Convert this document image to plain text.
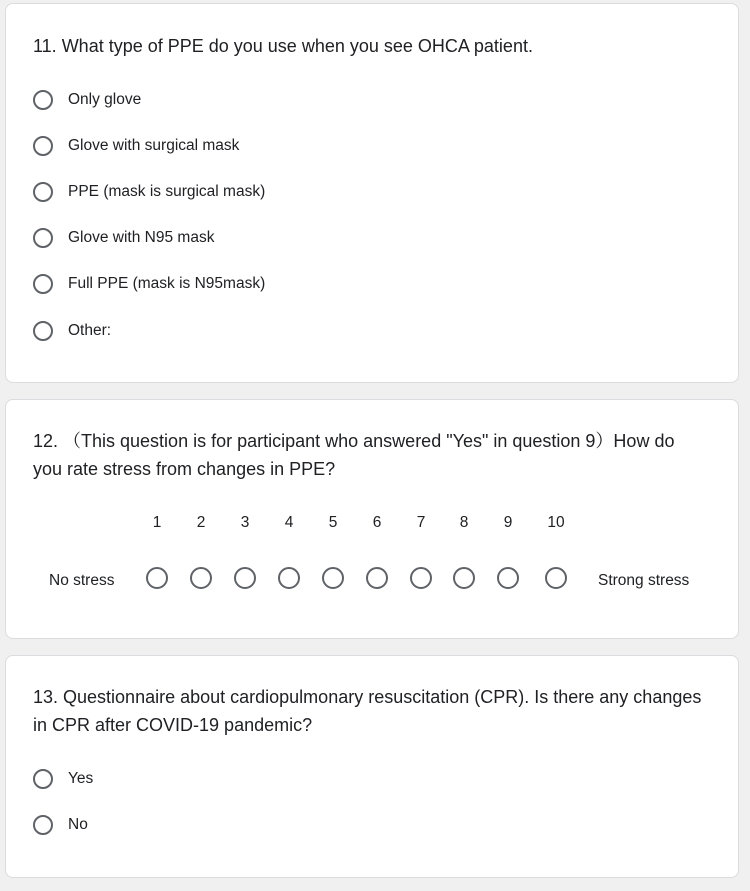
11. What type of PPE do you use when you see OHCA patient.
Only glove
Glove with surgical mask
PPE (mask is surgical mask)
Glove with N95 mask
Full PPE (mask is N95mask)
Other:
12. （This question is for participant who answered "Yes" in question 9）How do you rate stress from changes in PPE?
No stress
1	2	3	4	5	6	7	8	9	10
Strong stress
13. Questionnaire about cardiopulmonary resuscitation (CPR). Is there any changes in CPR after COVID-19 pandemic?
Yes
No
